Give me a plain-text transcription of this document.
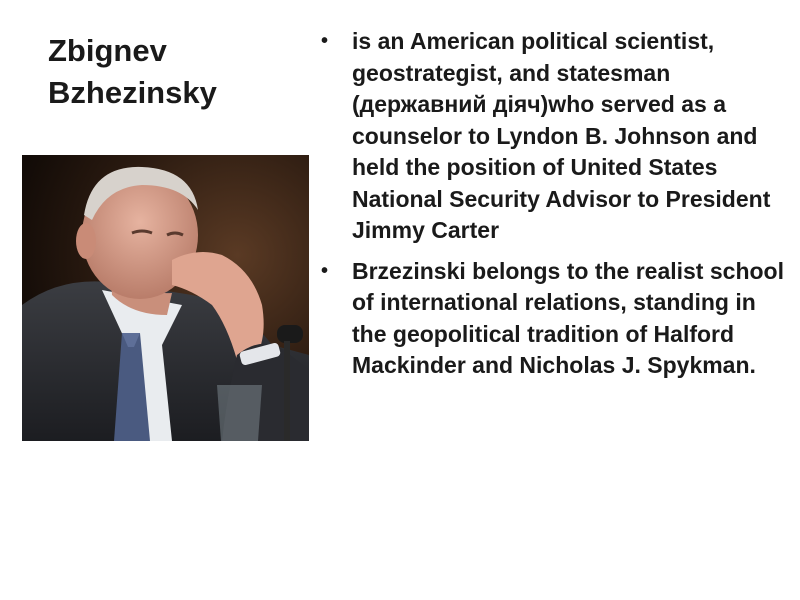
Zbignev
Bzhezinsky
• is an American political scientist, geostrategist, and statesman (державний діяч)who served as a counselor to Lyndon B. Johnson and held the position of United States National Security Advisor to President Jimmy Carter
• Brzezinski belongs to the realist school of international relations, standing in the geopolitical tradition of Halford Mackinder and Nicholas J. Spykman.
